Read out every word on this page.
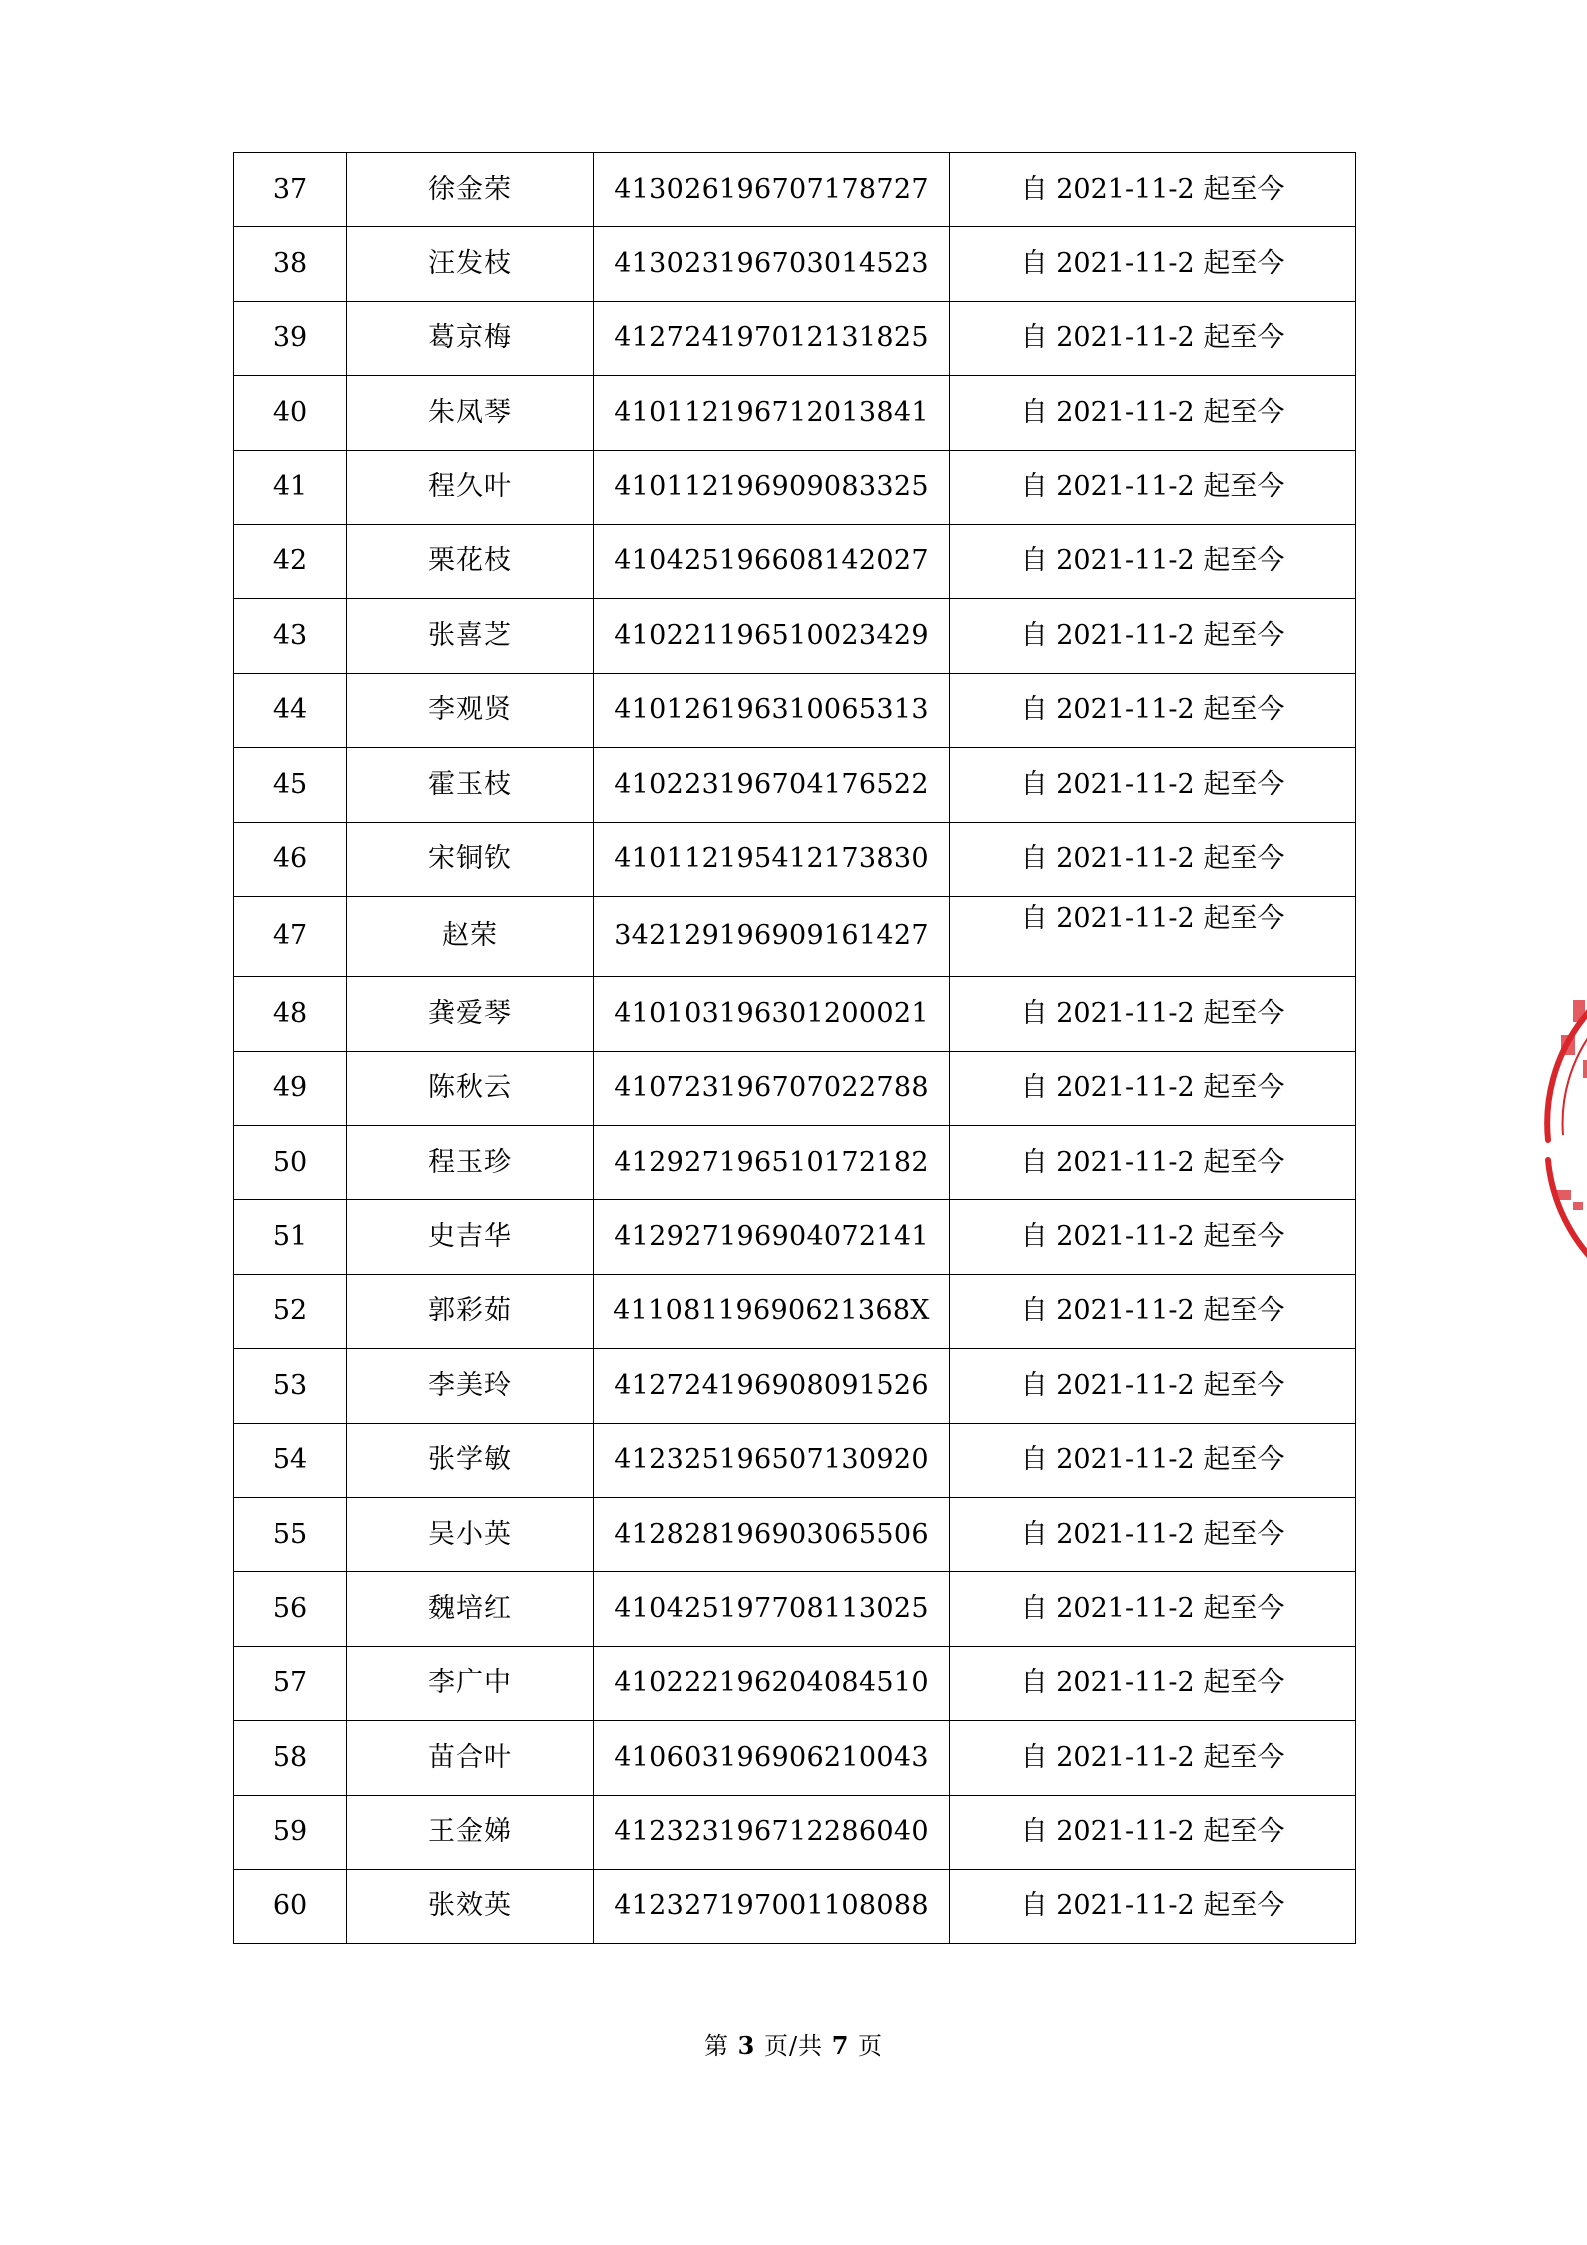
37	徐金荣	413026196707178727	自 2021-11-2 起至今
38	汪发枝	413023196703014523	自 2021-11-2 起至今
39	葛京梅	412724197012131825	自 2021-11-2 起至今
40	朱凤琴	410112196712013841	自 2021-11-2 起至今
41	程久叶	410112196909083325	自 2021-11-2 起至今
42	栗花枝	410425196608142027	自 2021-11-2 起至今
43	张喜芝	410221196510023429	自 2021-11-2 起至今
44	李观贤	410126196310065313	自 2021-11-2 起至今
45	霍玉枝	410223196704176522	自 2021-11-2 起至今
46	宋铜钦	410112195412173830	自 2021-11-2 起至今
47	赵荣	342129196909161427	自 2021-11-2 起至今
48	龚爱琴	410103196301200021	自 2021-11-2 起至今
49	陈秋云	410723196707022788	自 2021-11-2 起至今
50	程玉珍	412927196510172182	自 2021-11-2 起至今
51	史吉华	412927196904072141	自 2021-11-2 起至今
52	郭彩茹	41108119690621368X	自 2021-11-2 起至今
53	李美玲	412724196908091526	自 2021-11-2 起至今
54	张学敏	412325196507130920	自 2021-11-2 起至今
55	吴小英	412828196903065506	自 2021-11-2 起至今
56	魏培红	410425197708113025	自 2021-11-2 起至今
57	李广中	410222196204084510	自 2021-11-2 起至今
58	苗合叶	410603196906210043	自 2021-11-2 起至今
59	王金娣	412323196712286040	自 2021-11-2 起至今
60	张效英	412327197001108088	自 2021-11-2 起至今
第 3 页/共 7 页
